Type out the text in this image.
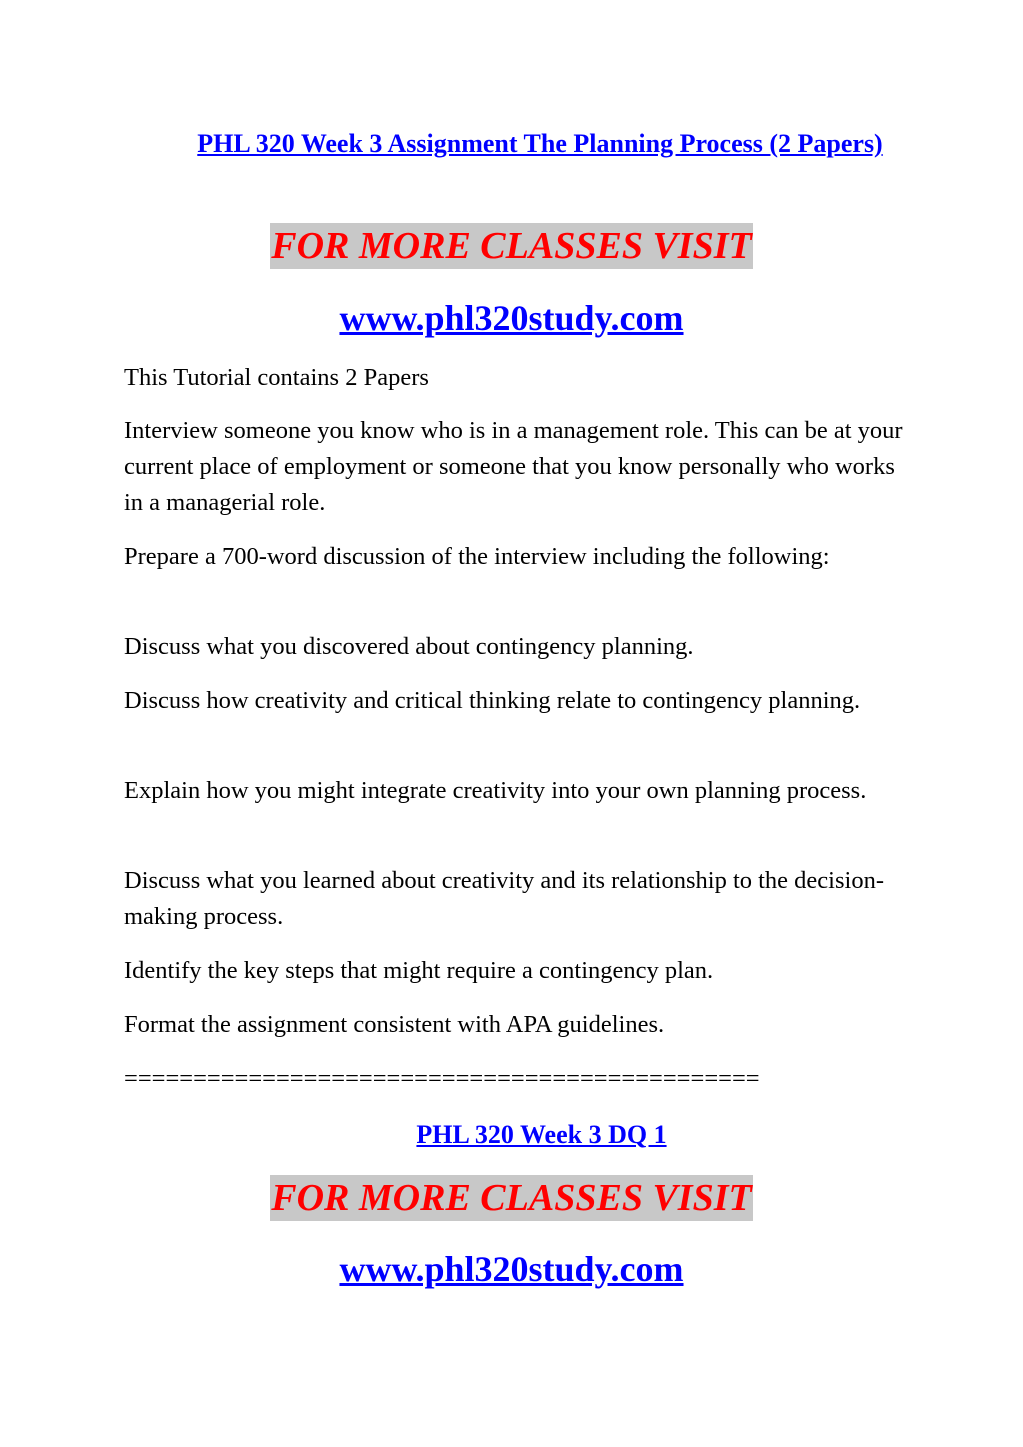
PHL 320 Week 3 Assignment The Planning Process (2 Papers)
FOR MORE CLASSES VISIT
www.phl320study.com

This Tutorial contains 2 Papers

Interview someone you know who is in a management role. This can be at your current place of employment or someone that you know personally who works in a managerial role.

Prepare a 700-word discussion of the interview including the following:

Discuss what you discovered about contingency planning.

Discuss how creativity and critical thinking relate to contingency planning.

Explain how you might integrate creativity into your own planning process.

Discuss what you learned about creativity and its relationship to the decision-making process.

Identify the key steps that might require a contingency plan.

Format the assignment consistent with APA guidelines.

==============================================
PHL 320 Week 3 DQ 1
FOR MORE CLASSES VISIT
www.phl320study.com
